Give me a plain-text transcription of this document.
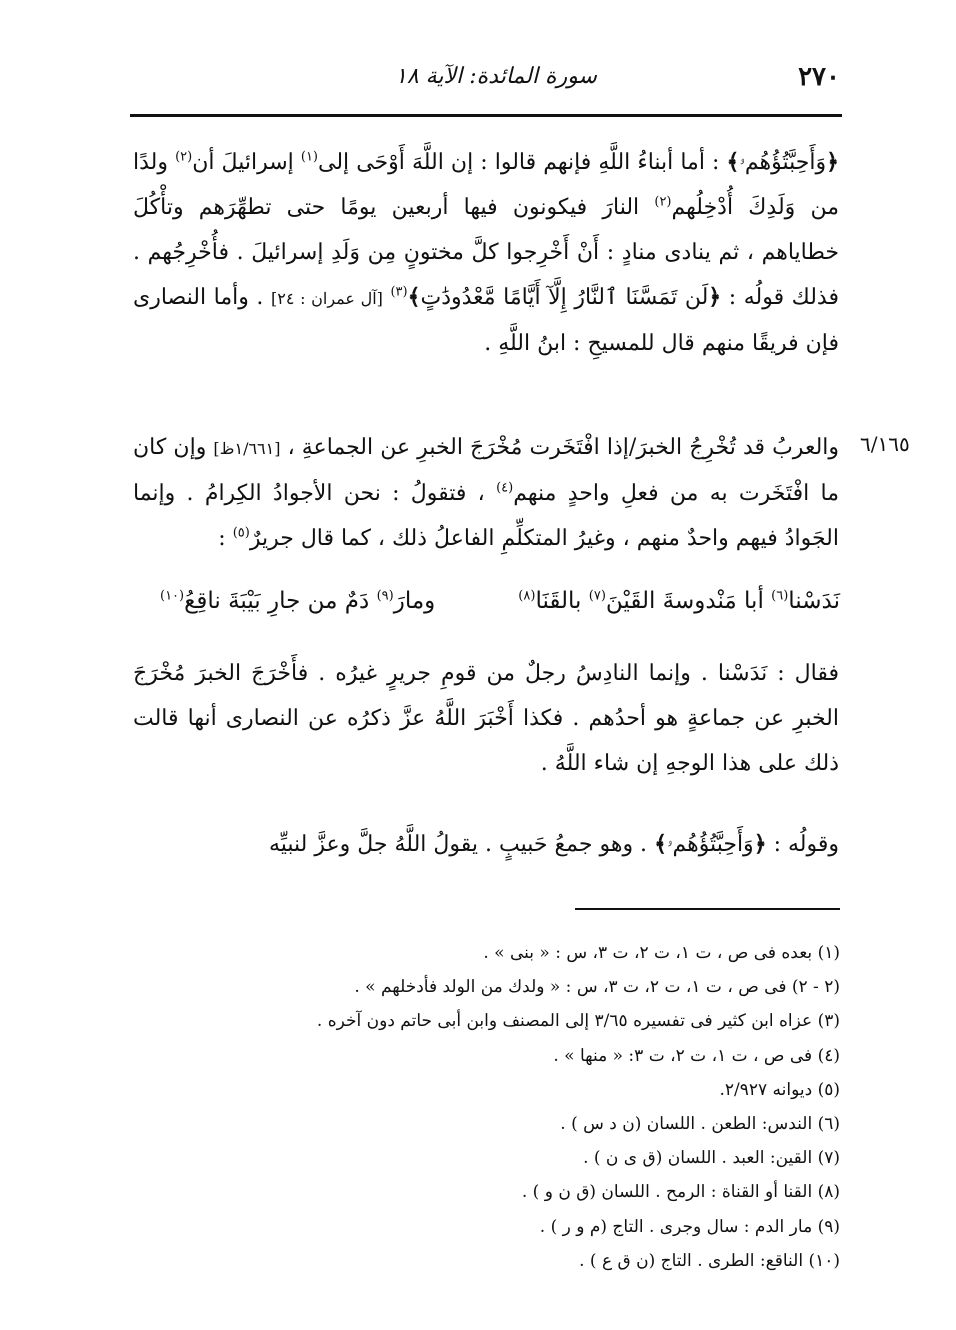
٢٧٠
سورة المائدة: الآية ١٨
﴿وَأَحِبَّتُؤُهُمۥ﴾ : أما أبناءُ اللَّهِ فإنهم قالوا : إن اللَّهَ أَوْحَى إلى$^{(١)}$ إسرائيلَ أن$^{(٢)}$ ولدًا من وَلَدِكَ أُدْخِلُهم$^{(٢)}$ النارَ فيكونون فيها أربعين يومًا حتى تطهِّرَهم وتأْكُلَ خطاياهم ، ثم ينادى منادٍ : أَنْ أَخْرِجوا كلَّ مختونٍ مِن وَلَدِ إسرائيلَ . فأُخْرِجُهم . فذلك قولُه : ﴿لَن تَمَسَّنَا ٱلنَّارُ إِلَّآ أَيَّامًا مَّعْدُودَٰتٍ﴾$^{(٣)}$ [آل عمران : ٢٤] . وأما النصارى فإن فريقًا منهم قال للمسيحِ : ابنُ اللَّهِ .
٦/١٦٥
والعربُ قد تُخْرِجُ الخبرَ/إذا افْتَخَرت مُخْرَجَ الخبرِ عن الجماعةِ ، [١/٦٦١ظ] وإن كان ما افْتَخَرت به من فعلِ واحدٍ منهم$^{(٤)}$ ، فتقولُ : نحن الأجوادُ الكِرامُ . وإنما الجَوادُ فيهم واحدٌ منهم ، وغيرُ المتكلِّمِ الفاعلُ ذلك ، كما قال جريرٌ$^{(٥)}$ :
نَدَسْنا$^{(٦)}$ أبا مَنْدوسةَ القَيْنَ$^{(٧)}$ بالقَنَا$^{(٨)}$
ومارَ$^{(٩)}$ دَمٌ من جارِ بَيْبَةَ ناقِعُ$^{(١٠)}$
فقال : نَدَسْنا . وإنما النادِسُ رجلٌ من قومِ جريرٍ غيرُه . فأَخْرَجَ الخبرَ مُخْرَجَ الخبرِ عن جماعةٍ هو أحدُهم . فكذا أَخْبَرَ اللَّهُ عزَّ ذكرُه عن النصارى أنها قالت ذلك على هذا الوجهِ إن شاء اللَّهُ .
وقولُه : ﴿وَأَحِبَّتُؤُهُمۥ﴾ . وهو جمعُ حَبيبٍ . يقولُ اللَّهُ جلَّ وعزَّ لنبيِّه
(١) بعده فى ص ، ت ١، ت ٢، ت ٣، س : « بنى » .
(٢ - ٢) فى ص ، ت ١، ت ٢، ت ٣، س : « ولدك من الولد فأدخلهم » .
(٣) عزاه ابن كثير فى تفسيره ٣/٦٥ إلى المصنف وابن أبى حاتم دون آخره .
(٤) فى ص ، ت ١، ت ٢، ت ٣: « منها » .
(٥) ديوانه ٢/٩٢٧.
(٦) الندس: الطعن . اللسان (ن د س ) .
(٧) القين: العبد . اللسان (ق ى ن ) .
(٨) القنا أو القناة : الرمح . اللسان (ق ن و ) .
(٩) مار الدم : سال وجرى . التاج (م و ر ) .
(١٠) الناقع: الطرى . التاج (ن ق ع ) .
